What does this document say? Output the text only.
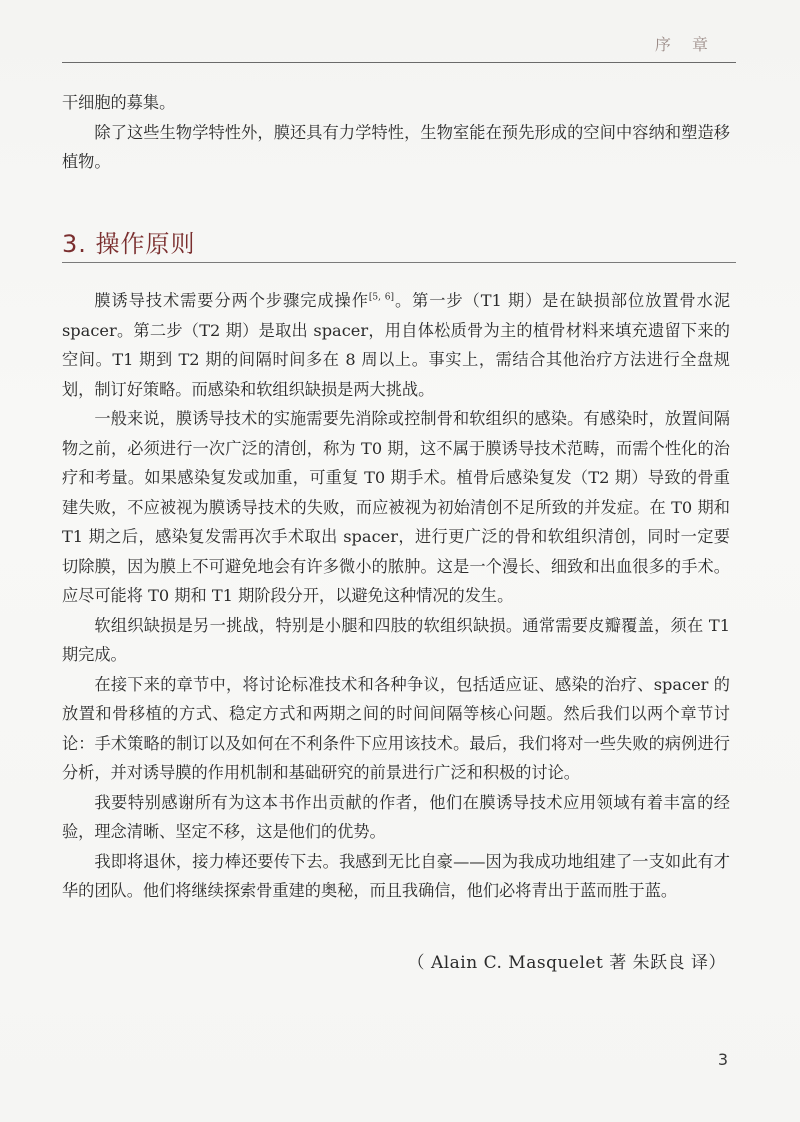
序 章

干细胞的募集。

除了这些生物学特性外，膜还具有力学特性，生物室能在预先形成的空间中容纳和塑造移植物。

3. 操作原则

膜诱导技术需要分两个步骤完成操作[5, 6]。第一步（T1 期）是在缺损部位放置骨水泥 spacer。第二步（T2 期）是取出 spacer，用自体松质骨为主的植骨材料来填充遗留下来的空间。T1 期到 T2 期的间隔时间多在 8 周以上。事实上，需结合其他治疗方法进行全盘规划，制订好策略。而感染和软组织缺损是两大挑战。

一般来说，膜诱导技术的实施需要先消除或控制骨和软组织的感染。有感染时，放置间隔物之前，必须进行一次广泛的清创，称为 T0 期，这不属于膜诱导技术范畴，而需个性化的治疗和考量。如果感染复发或加重，可重复 T0 期手术。植骨后感染复发（T2 期）导致的骨重建失败，不应被视为膜诱导技术的失败，而应被视为初始清创不足所致的并发症。在 T0 期和 T1 期之后，感染复发需再次手术取出 spacer，进行更广泛的骨和软组织清创，同时一定要切除膜，因为膜上不可避免地会有许多微小的脓肿。这是一个漫长、细致和出血很多的手术。应尽可能将 T0 期和 T1 期阶段分开，以避免这种情况的发生。

软组织缺损是另一挑战，特别是小腿和四肢的软组织缺损。通常需要皮瓣覆盖，须在 T1 期完成。

在接下来的章节中，将讨论标准技术和各种争议，包括适应证、感染的治疗、spacer 的放置和骨移植的方式、稳定方式和两期之间的时间间隔等核心问题。然后我们以两个章节讨论：手术策略的制订以及如何在不利条件下应用该技术。最后，我们将对一些失败的病例进行分析，并对诱导膜的作用机制和基础研究的前景进行广泛和积极的讨论。

我要特别感谢所有为这本书作出贡献的作者，他们在膜诱导技术应用领域有着丰富的经验，理念清晰、坚定不移，这是他们的优势。

我即将退休，接力棒还要传下去。我感到无比自豪——因为我成功地组建了一支如此有才华的团队。他们将继续探索骨重建的奥秘，而且我确信，他们必将青出于蓝而胜于蓝。

（ Alain C. Masquelet 著 朱跃良 译）
3
